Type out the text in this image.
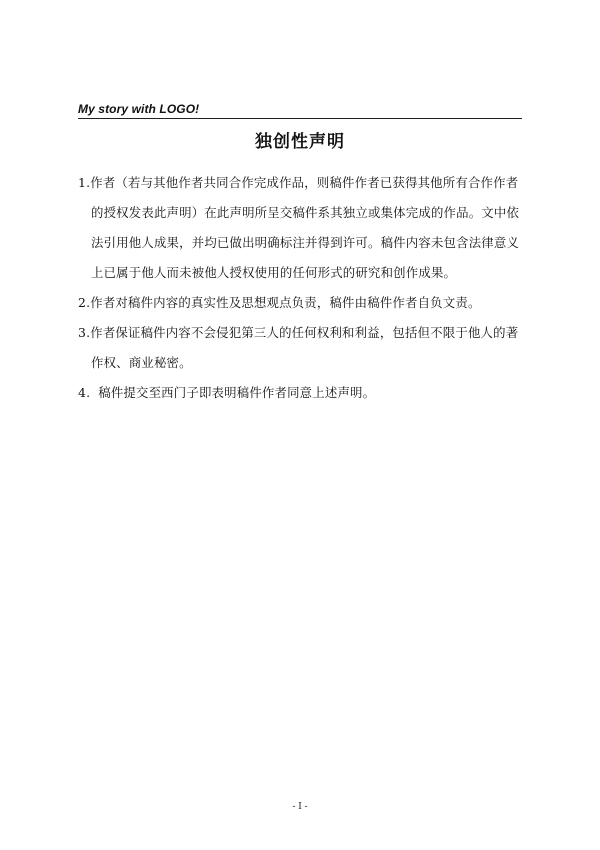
My story with LOGO!
独创性声明

1.作者（若与其他作者共同合作完成作品，则稿件作者已获得其他所有合作作者的授权发表此声明）在此声明所呈交稿件系其独立或集体完成的作品。文中依法引用他人成果，并均已做出明确标注并得到许可。稿件内容未包含法律意义上已属于他人而未被他人授权使用的任何形式的研究和创作成果。

2.作者对稿件内容的真实性及思想观点负责，稿件由稿件作者自负文责。

3.作者保证稿件内容不会侵犯第三人的任何权利和利益，包括但不限于他人的著作权、商业秘密。

4. 稿件提交至西门子即表明稿件作者同意上述声明。

- I -
